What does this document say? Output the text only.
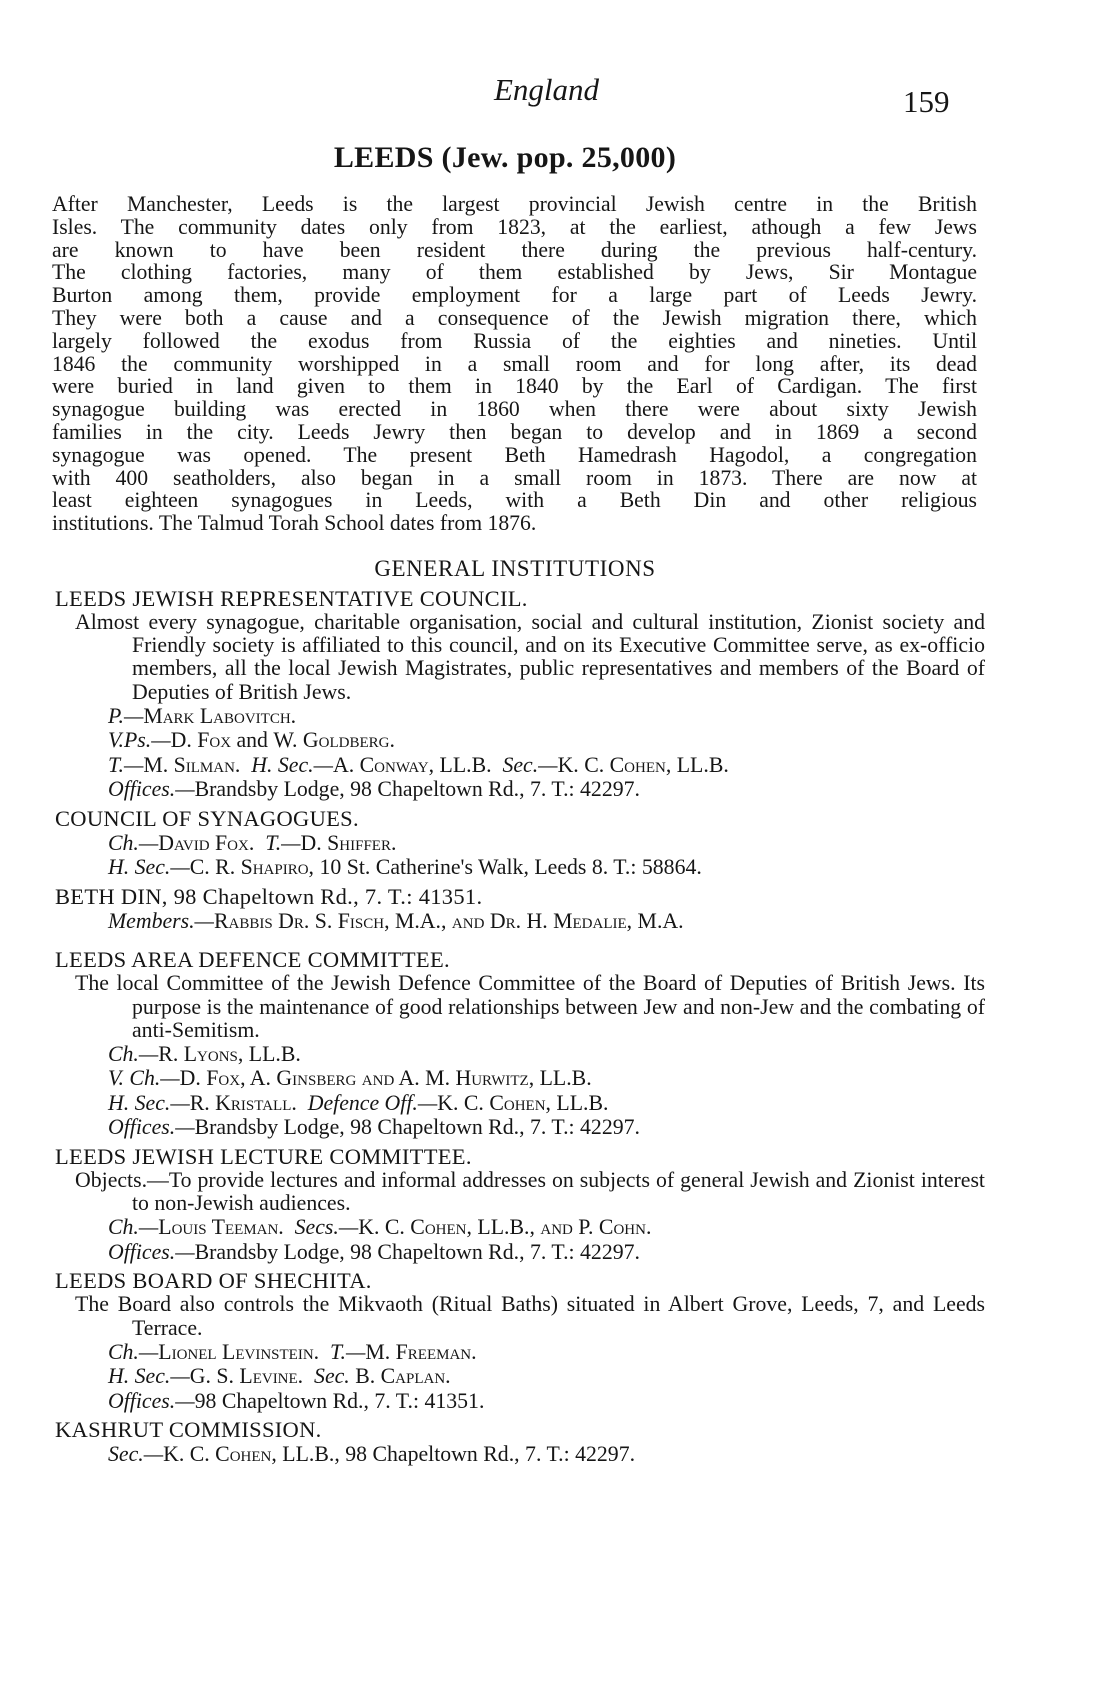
England	159
LEEDS (Jew. pop. 25,000)
After Manchester, Leeds is the largest provincial Jewish centre in the British
Isles. The community dates only from 1823, at the earliest, athough a few Jews
are known to have been resident there during the previous half-century.
The clothing factories, many of them established by Jews, Sir Montague
Burton among them, provide employment for a large part of Leeds Jewry.
They were both a cause and a consequence of the Jewish migration there, which
largely followed the exodus from Russia of the eighties and nineties. Until
1846 the community worshipped in a small room and for long after, its dead
were buried in land given to them in 1840 by the Earl of Cardigan. The first
synagogue building was erected in 1860 when there were about sixty Jewish
families in the city. Leeds Jewry then began to develop and in 1869 a second
synagogue was opened. The present Beth Hamedrash Hagodol, a congregation
with 400 seatholders, also began in a small room in 1873. There are now at
least eighteen synagogues in Leeds, with a Beth Din and other religious
institutions. The Talmud Torah School dates from 1876.
GENERAL INSTITUTIONS
LEEDS JEWISH REPRESENTATIVE COUNCIL.
Almost every synagogue, charitable organisation, social and cultural institution, Zionist society and Friendly society is affiliated to this council, and on its Executive Committee serve, as ex-officio members, all the local Jewish Magistrates, public representatives and members of the Board of Deputies of British Jews.
P.—Mark Labovitch.
V.Ps.—D. Fox and W. Goldberg.
T.—M. Silman. H. Sec.—A. Conway, LL.B. Sec.—K. C. Cohen, LL.B.
Offices.—Brandsby Lodge, 98 Chapeltown Rd., 7. T.: 42297.
COUNCIL OF SYNAGOGUES.
Ch.—David Fox. T.—D. Shiffer.
H. Sec.—C. R. Shapiro, 10 St. Catherine's Walk, Leeds 8. T.: 58864.
BETH DIN, 98 Chapeltown Rd., 7. T.: 41351.
Members.—Rabbis Dr. S. Fisch, M.A., and Dr. H. Medalie, M.A.
LEEDS AREA DEFENCE COMMITTEE.
The local Committee of the Jewish Defence Committee of the Board of Deputies of British Jews. Its purpose is the maintenance of good relationships between Jew and non-Jew and the combating of anti-Semitism.
Ch.—R. Lyons, LL.B.
V. Ch.—D. Fox, A. Ginsberg and A. M. Hurwitz, LL.B.
H. Sec.—R. Kristall. Defence Off.—K. C. Cohen, LL.B.
Offices.—Brandsby Lodge, 98 Chapeltown Rd., 7. T.: 42297.
LEEDS JEWISH LECTURE COMMITTEE.
Objects.—To provide lectures and informal addresses on subjects of general Jewish and Zionist interest to non-Jewish audiences.
Ch.—Louis Teeman. Secs.—K. C. Cohen, LL.B., and P. Cohn.
Offices.—Brandsby Lodge, 98 Chapeltown Rd., 7. T.: 42297.
LEEDS BOARD OF SHECHITA.
The Board also controls the Mikvaoth (Ritual Baths) situated in Albert Grove, Leeds, 7, and Leeds Terrace.
Ch.—Lionel Levinstein. T.—M. Freeman.
H. Sec.—G. S. Levine. Sec. B. Caplan.
Offices.—98 Chapeltown Rd., 7. T.: 41351.
KASHRUT COMMISSION.
Sec.—K. C. Cohen, LL.B., 98 Chapeltown Rd., 7. T.: 42297.
